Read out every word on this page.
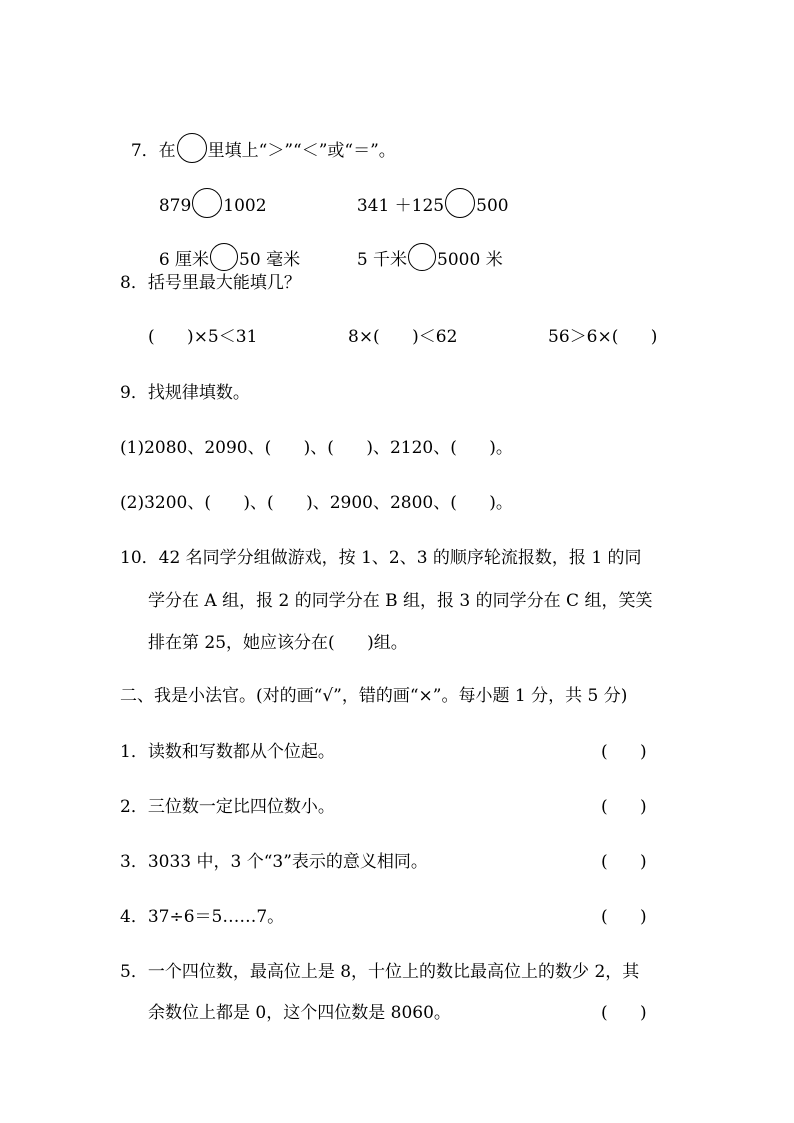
7．在 里填上“＞”“＜”或“＝”。

879 1002	341 ＋125 500

6 厘米 50 毫米	5 千米 5000 米

8．括号里最大能填几？
(      )×5＜31	8×(      )＜62	56＞6×(      )
9．找规律填数。
(1)2080、2090、(      )、(      )、2120、(      )。
(2)3200、(      )、(      )、2900、2800、(      )。
10．42 名同学分组做游戏，按 1、2、3 的顺序轮流报数，报 1 的同
学分在 A 组，报 2 的同学分在 B 组，报 3 的同学分在 C 组，笑笑
排在第 25，她应该分在(      )组。
二、我是小法官。(对的画“√”，错的画“×”。每小题 1 分，共 5 分)
1．读数和写数都从个位起。	(      )
2．三位数一定比四位数小。	(      )
3．3033 中，3 个“3”表示的意义相同。	(      )
4．37÷6＝5……7。	(      )
5．一个四位数，最高位上是 8，十位上的数比最高位上的数少 2，其
余数位上都是 0，这个四位数是 8060。	(      )
